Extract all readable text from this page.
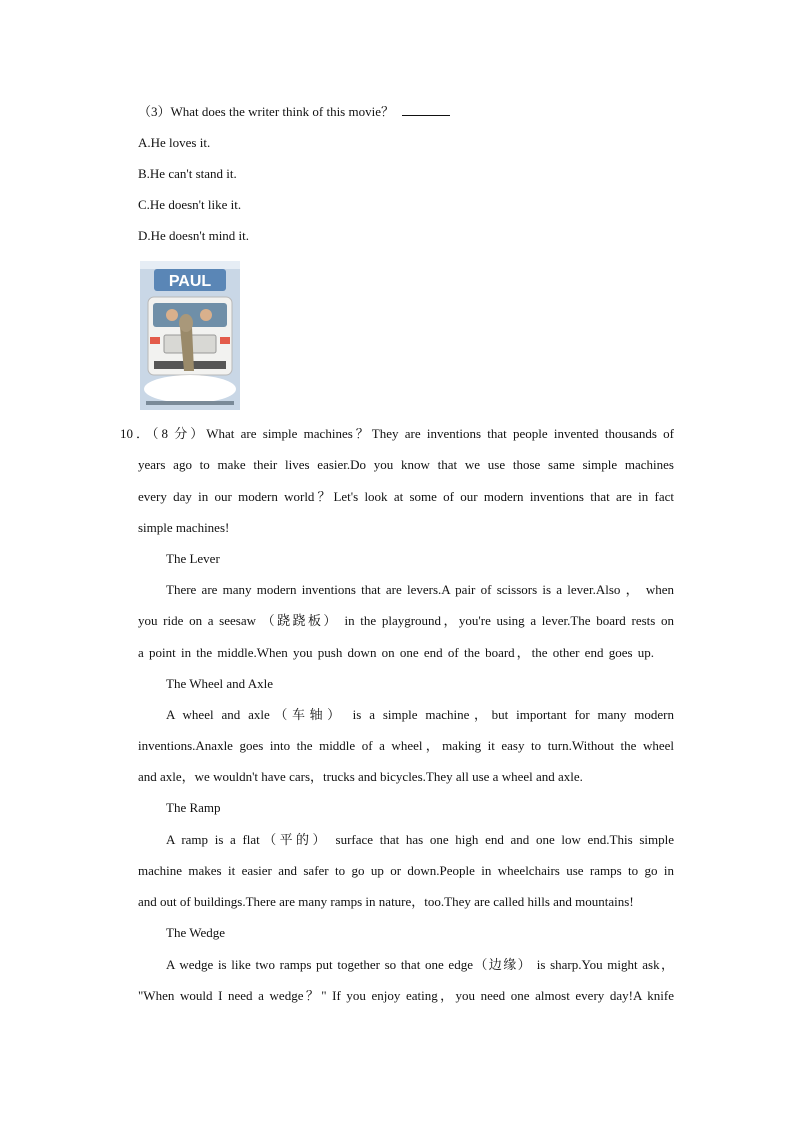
（3）What does the writer think of this movie？
A.He loves it.
B.He can't stand it.
C.He doesn't like it.
D.He doesn't mind it.
PAUL
10．（8 分）What are simple machines？They are inventions that people invented thousands of
years ago to make their lives easier.Do you know that we use those same simple machines
every day in our modern world？Let's look at some of our modern inventions that are in fact
simple machines!
The Lever
There are many modern inventions that are levers.A pair of scissors is a lever.Also ， when
you ride on a seesaw （跷跷板） in the playground，you're using a lever.The board rests on
a point in the middle.When you push down on one end of the board，the other end goes up.
The Wheel and Axle
A wheel and axle（车轴） is a simple machine，but important for many modern
inventions.Anaxle goes into the middle of a wheel，making it easy to turn.Without the wheel
and axle，we wouldn't have cars，trucks and bicycles.They all use a wheel and axle.
The Ramp
A ramp is a flat（平的） surface that has one high end and one low end.This simple
machine makes it easier and safer to go up or down.People in wheelchairs use ramps to go in
and out of buildings.There are many ramps in nature，too.They are called hills and mountains!
The Wedge
A wedge is like two ramps put together so that one edge（边缘） is sharp.You might ask，
"When would I need a wedge？" If you enjoy eating，you need one almost every day!A knife
